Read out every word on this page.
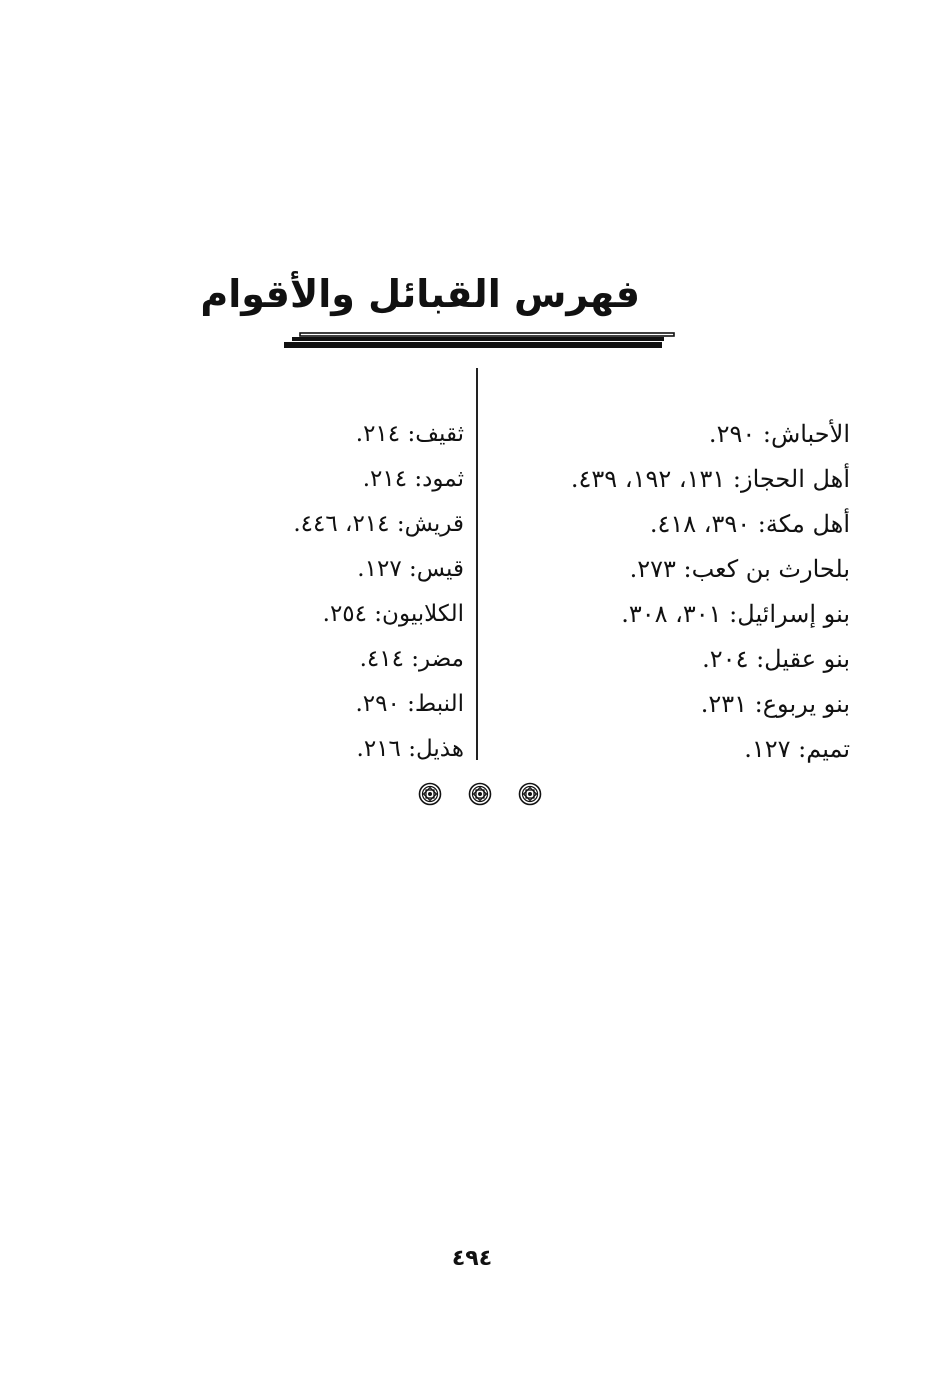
فهرس القبائل والأقوام
الأحباش: ٢٩٠.
أهل الحجاز: ١٣١، ١٩٢، ٤٣٩.
أهل مكة: ٣٩٠، ٤١٨.
بلحارث بن كعب: ٢٧٣.
بنو إسرائيل: ٣٠١، ٣٠٨.
بنو عقيل: ٢٠٤.
بنو يربوع: ٢٣١.
تميم: ١٢٧.
ثقيف: ٢١٤.
ثمود: ٢١٤.
قريش: ٢١٤، ٤٤٦.
قيس: ١٢٧.
الكلابيون: ٢٥٤.
مضر: ٤١٤.
النبط: ٢٩٠.
هذيل: ٢١٦.
٤٩٤
